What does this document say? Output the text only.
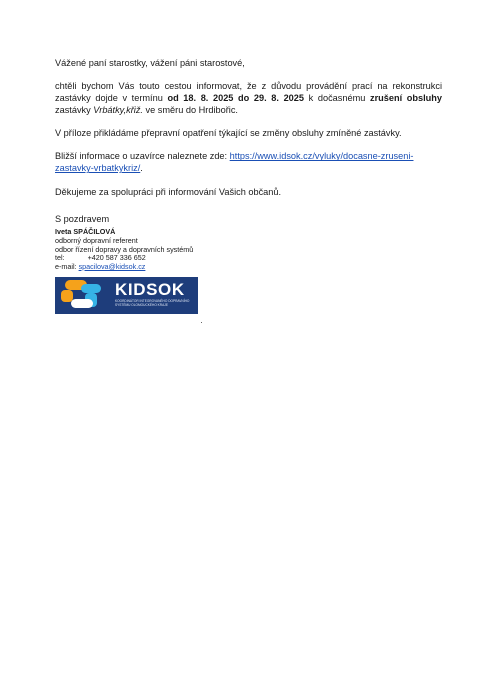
Vážené paní starostky, vážení páni starostové,

chtěli bychom Vás touto cestou informovat, že z důvodu provádění prací na rekonstrukci zastávky dojde v termínu od 18. 8. 2025 do 29. 8. 2025 k dočasnému zrušení obsluhy zastávky Vrbátky,křiž. ve směru do Hrdibořic.

V příloze přikládáme přepravní opatření týkající se změny obsluhy zmíněné zastávky.

Bližší informace o uzavírce naleznete zde: https://www.idsok.cz/vyluky/docasne-zruseni-zastavky-vrbatkykriz/.

Děkujeme za spolupráci při informování Vašich občanů.

S pozdravem

Iveta SPÁČILOVÁ
odborný dopravní referent
odbor řízení dopravy a dopravních systémů
tel:	+420 587 336 652
e-mail: spacilova@kidsok.cz
KIDSOK
KOORDINÁTOR INTEGROVANÉHO DOPRAVNÍHO SYSTÉMU OLOMOUCKÉHO KRAJE
